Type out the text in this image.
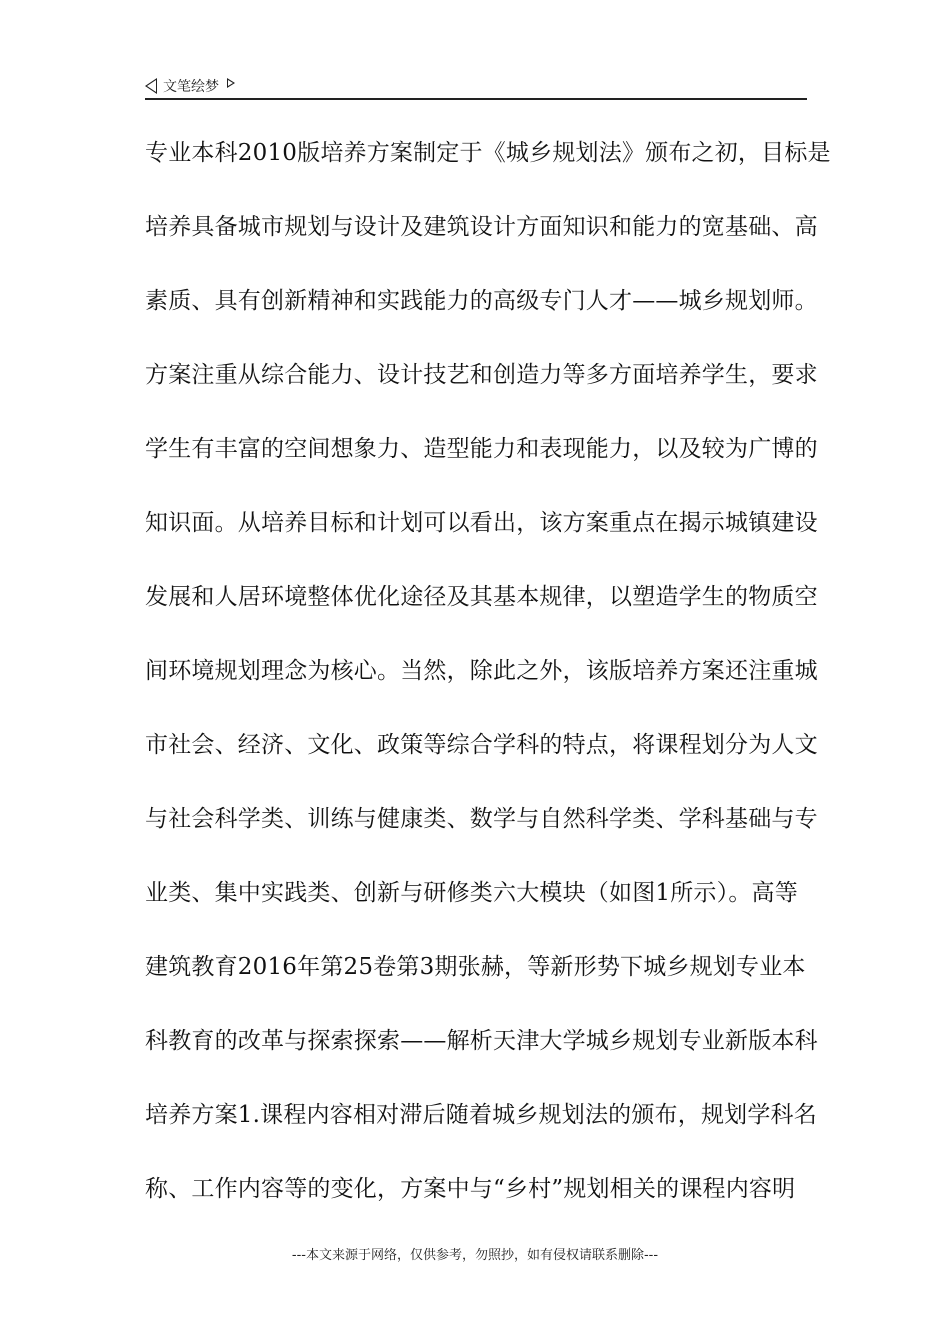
文笔绘梦
专业本科2010版培养方案制定于《城乡规划法》颁布之初，目标是
培养具备城市规划与设计及建筑设计方面知识和能力的宽基础、高
素质、具有创新精神和实践能力的高级专门人才——城乡规划师。
方案注重从综合能力、设计技艺和创造力等多方面培养学生，要求
学生有丰富的空间想象力、造型能力和表现能力，以及较为广博的
知识面。从培养目标和计划可以看出，该方案重点在揭示城镇建设
发展和人居环境整体优化途径及其基本规律，以塑造学生的物质空
间环境规划理念为核心。当然，除此之外，该版培养方案还注重城
市社会、经济、文化、政策等综合学科的特点，将课程划分为人文
与社会科学类、训练与健康类、数学与自然科学类、学科基础与专
业类、集中实践类、创新与研修类六大模块（如图1所示）。高等
建筑教育2016年第25卷第3期张赫，等新形势下城乡规划专业本
科教育的改革与探索探索——解析天津大学城乡规划专业新版本科
培养方案1.课程内容相对滞后随着城乡规划法的颁布，规划学科名
称、工作内容等的变化，方案中与“乡村”规划相关的课程内容明
---本文来源于网络，仅供参考，勿照抄，如有侵权请联系删除---
